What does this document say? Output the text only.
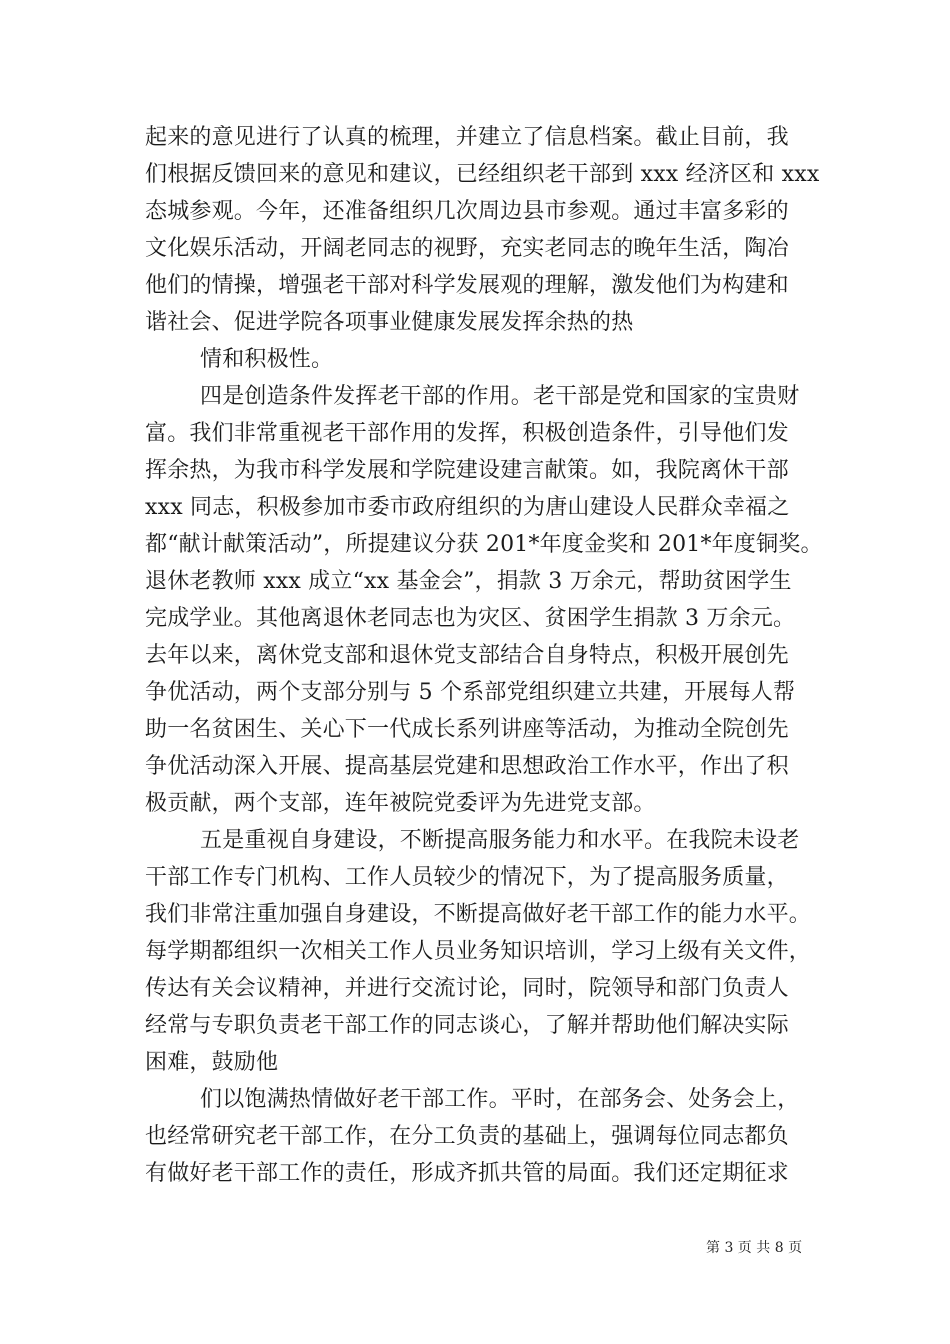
起来的意见进行了认真的梳理，并建立了信息档案。截止目前，我
们根据反馈回来的意见和建议，已经组织老干部到 xxx 经济区和 xxx
态城参观。今年，还准备组织几次周边县市参观。通过丰富多彩的
文化娱乐活动，开阔老同志的视野，充实老同志的晚年生活，陶冶
他们的情操，增强老干部对科学发展观的理解，激发他们为构建和
谐社会、促进学院各项事业健康发展发挥余热的热
情和积极性。
四是创造条件发挥老干部的作用。老干部是党和国家的宝贵财
富。我们非常重视老干部作用的发挥，积极创造条件，引导他们发
挥余热，为我市科学发展和学院建设建言献策。如，我院离休干部
xxx 同志，积极参加市委市政府组织的为唐山建设人民群众幸福之
都“献计献策活动”，所提建议分获 201*年度金奖和 201*年度铜奖。
退休老教师 xxx 成立“xx 基金会”，捐款 3 万余元，帮助贫困学生
完成学业。其他离退休老同志也为灾区、贫困学生捐款 3 万余元。
去年以来，离休党支部和退休党支部结合自身特点，积极开展创先
争优活动，两个支部分别与 5 个系部党组织建立共建，开展每人帮
助一名贫困生、关心下一代成长系列讲座等活动，为推动全院创先
争优活动深入开展、提高基层党建和思想政治工作水平，作出了积
极贡献，两个支部，连年被院党委评为先进党支部。
五是重视自身建设，不断提高服务能力和水平。在我院未设老
干部工作专门机构、工作人员较少的情况下，为了提高服务质量，
我们非常注重加强自身建设，不断提高做好老干部工作的能力水平。
每学期都组织一次相关工作人员业务知识培训，学习上级有关文件，
传达有关会议精神，并进行交流讨论，同时，院领导和部门负责人
经常与专职负责老干部工作的同志谈心，了解并帮助他们解决实际
困难，鼓励他
们以饱满热情做好老干部工作。平时，在部务会、处务会上，
也经常研究老干部工作，在分工负责的基础上，强调每位同志都负
有做好老干部工作的责任，形成齐抓共管的局面。我们还定期征求
第 3 页 共 8 页
